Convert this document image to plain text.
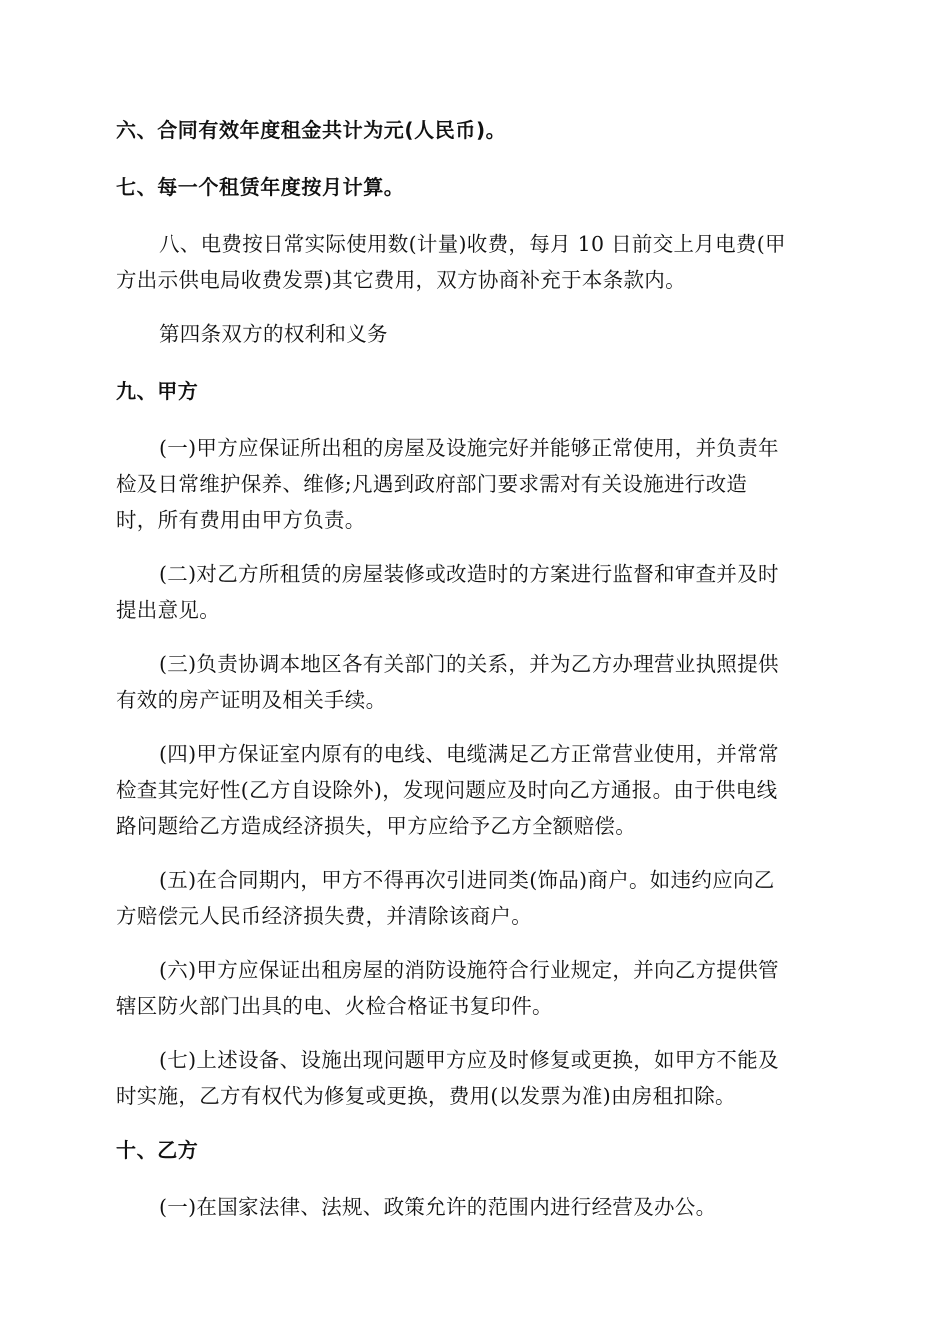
六、合同有效年度租金共计为元(人民币)。

七、每一个租赁年度按月计算。

八、电费按日常实际使用数(计量)收费，每月 10 日前交上月电费(甲
方出示供电局收费发票)其它费用，双方协商补充于本条款内。

第四条双方的权利和义务

九、甲方

(一)甲方应保证所出租的房屋及设施完好并能够正常使用，并负责年
检及日常维护保养、维修;凡遇到政府部门要求需对有关设施进行改造
时，所有费用由甲方负责。

(二)对乙方所租赁的房屋装修或改造时的方案进行监督和审查并及时
提出意见。

(三)负责协调本地区各有关部门的关系，并为乙方办理营业执照提供
有效的房产证明及相关手续。

(四)甲方保证室内原有的电线、电缆满足乙方正常营业使用，并常常
检查其完好性(乙方自设除外)，发现问题应及时向乙方通报。由于供电线
路问题给乙方造成经济损失，甲方应给予乙方全额赔偿。

(五)在合同期内，甲方不得再次引进同类(饰品)商户。如违约应向乙
方赔偿元人民币经济损失费，并清除该商户。

(六)甲方应保证出租房屋的消防设施符合行业规定，并向乙方提供管
辖区防火部门出具的电、火检合格证书复印件。

(七)上述设备、设施出现问题甲方应及时修复或更换，如甲方不能及
时实施，乙方有权代为修复或更换，费用(以发票为准)由房租扣除。

十、乙方

(一)在国家法律、法规、政策允许的范围内进行经营及办公。
